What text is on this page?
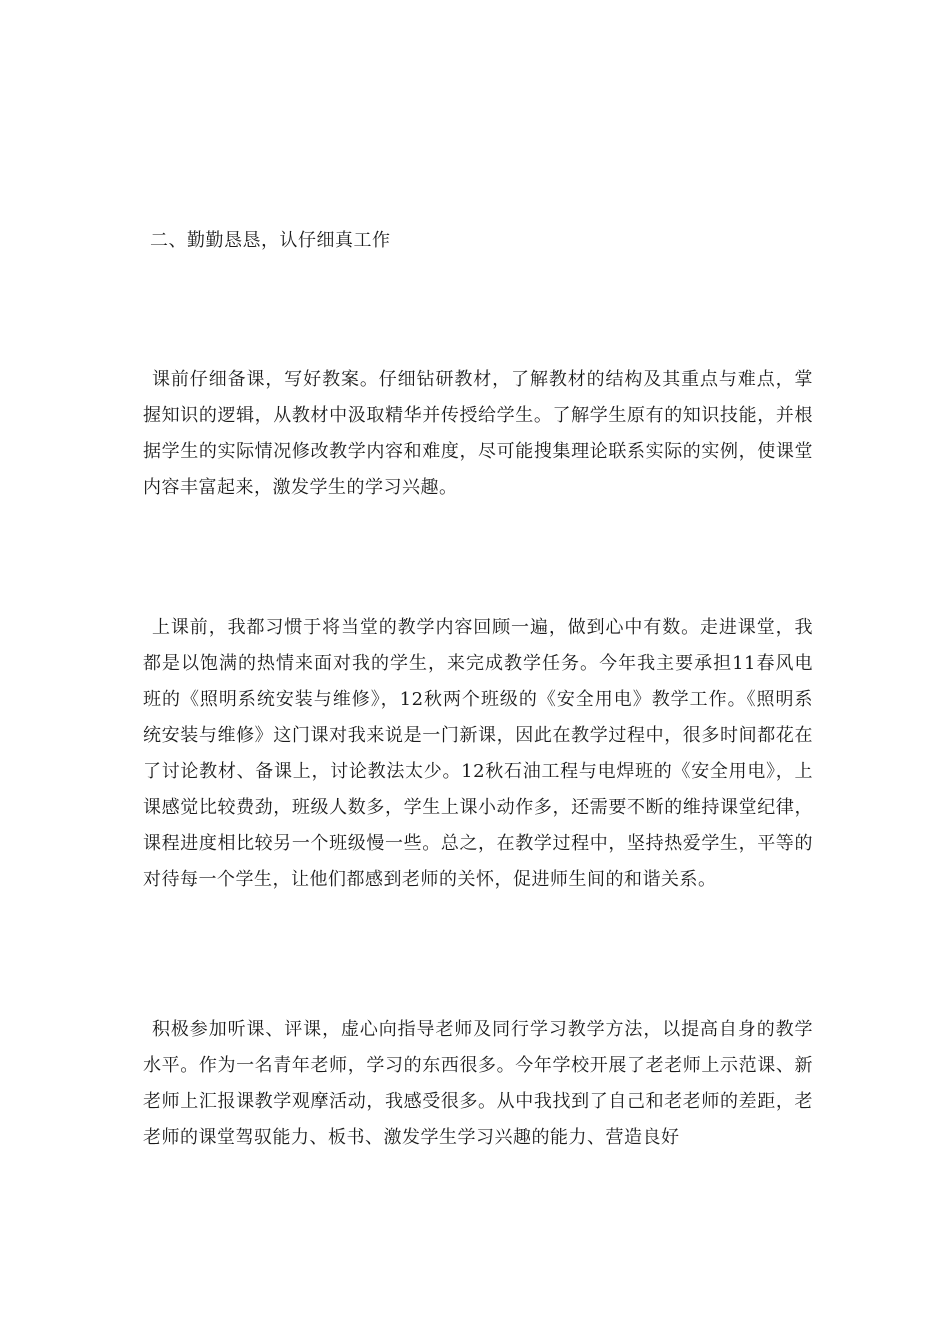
二、勤勤恳恳，认仔细真工作

课前仔细备课，写好教案。仔细钻研教材，了解教材的结构及其重点与难点，掌握知识的逻辑，从教材中汲取精华并传授给学生。了解学生原有的知识技能，并根据学生的实际情况修改教学内容和难度，尽可能搜集理论联系实际的实例，使课堂内容丰富起来，激发学生的学习兴趣。

上课前，我都习惯于将当堂的教学内容回顾一遍，做到心中有数。走进课堂，我都是以饱满的热情来面对我的学生，来完成教学任务。今年我主要承担11春风电班的《照明系统安装与维修》，12秋两个班级的《安全用电》教学工作。《照明系统安装与维修》这门课对我来说是一门新课，因此在教学过程中，很多时间都花在了讨论教材、备课上，讨论教法太少。12秋石油工程与电焊班的《安全用电》，上课感觉比较费劲，班级人数多，学生上课小动作多，还需要不断的维持课堂纪律，课程进度相比较另一个班级慢一些。总之，在教学过程中，坚持热爱学生，平等的对待每一个学生，让他们都感到老师的关怀，促进师生间的和谐关系。

积极参加听课、评课，虚心向指导老师及同行学习教学方法，以提高自身的教学水平。作为一名青年老师，学习的东西很多。今年学校开展了老老师上示范课、新老师上汇报课教学观摩活动，我感受很多。从中我找到了自己和老老师的差距，老老师的课堂驾驭能力、板书、激发学生学习兴趣的能力、营造良好
